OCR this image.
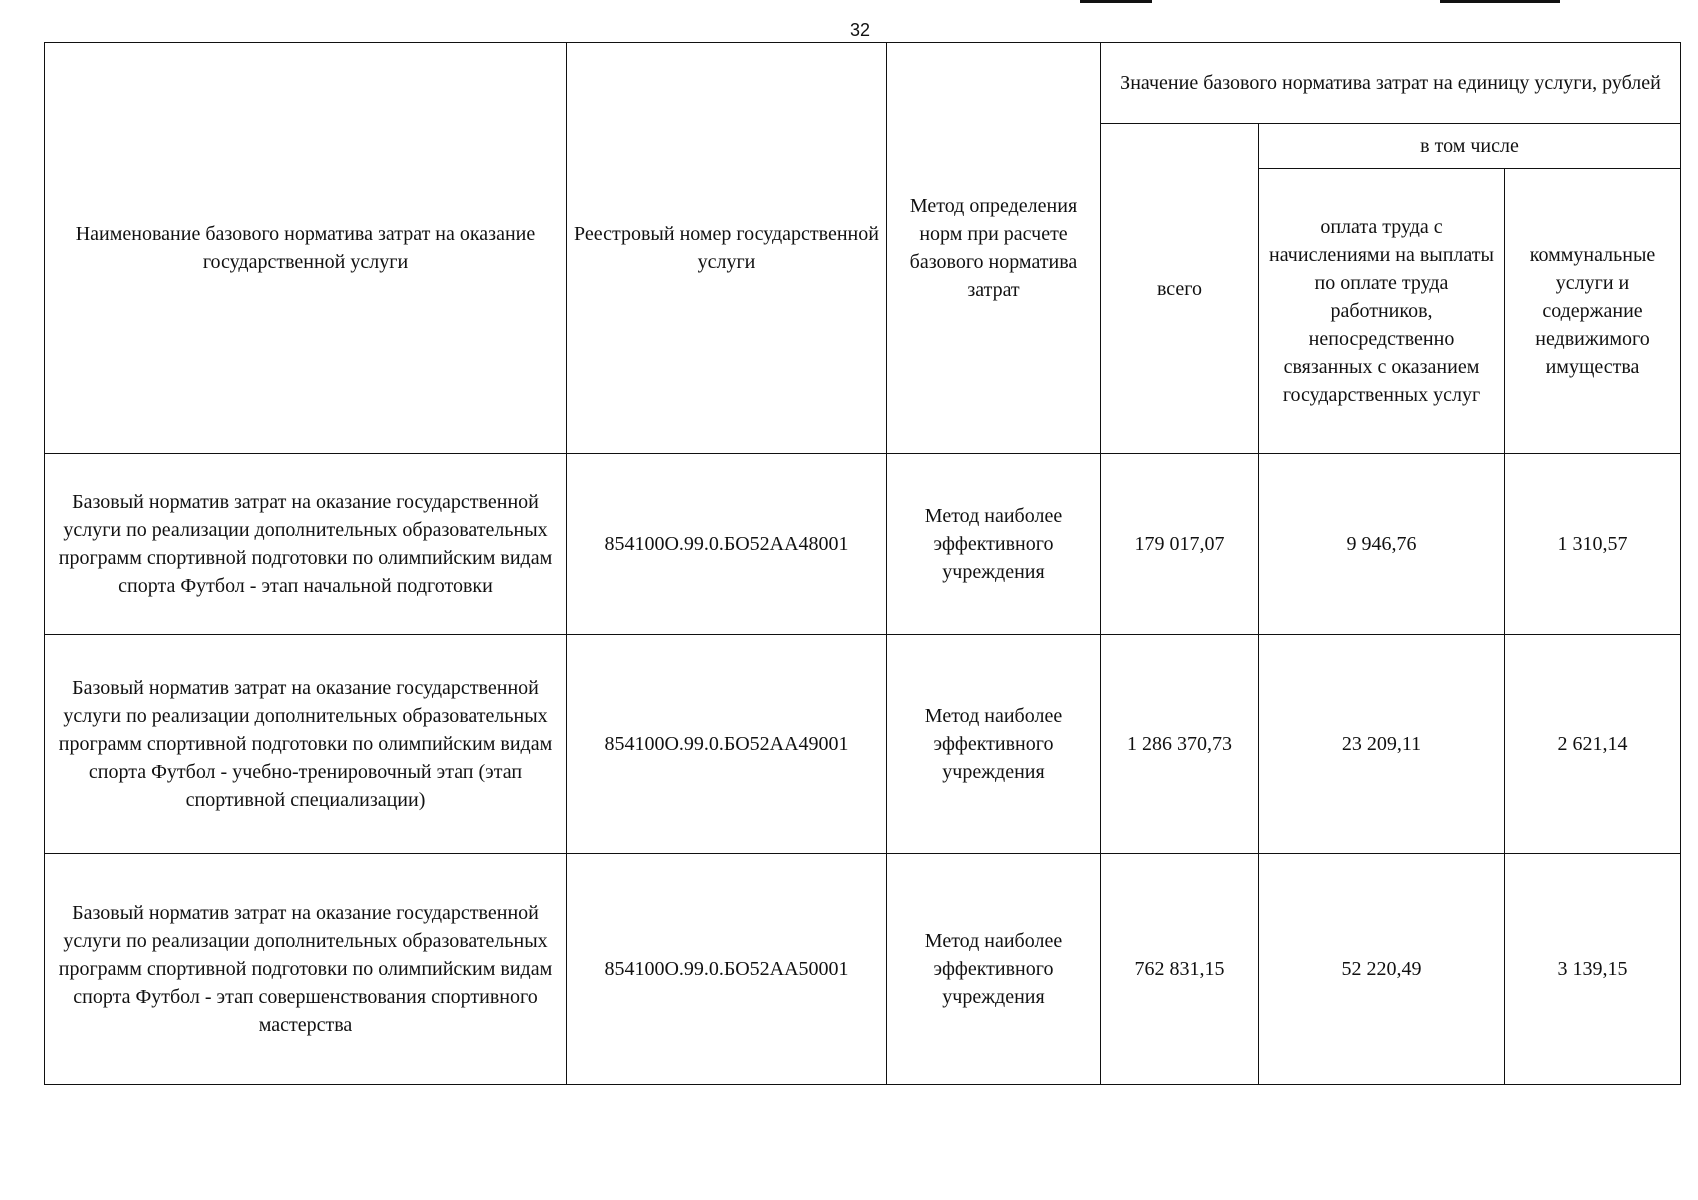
32
Наименование базового норматива затрат на оказание государственной услуги	Реестровый номер государственной услуги	Метод определения норм при расчете базового норматива затрат	Значение базового норматива затрат на единицу услуги, рублей		
			всего	в том числе	
				оплата труда с начислениями на выплаты по оплате труда работников, непосредственно связанных с оказанием государственных услуг	коммунальные услуги и содержание недвижимого имущества
Базовый норматив затрат на оказание государственной услуги по реализации дополнительных образовательных программ спортивной подготовки по олимпийским видам спорта Футбол - этап начальной подготовки	854100О.99.0.БО52АА48001	Метод наиболее эффективного учреждения	179 017,07	9 946,76	1 310,57
Базовый норматив затрат на оказание государственной услуги по реализации дополнительных образовательных программ спортивной подготовки по олимпийским видам спорта Футбол - учебно-тренировочный этап (этап спортивной специализации)	854100О.99.0.БО52АА49001	Метод наиболее эффективного учреждения	1 286 370,73	23 209,11	2 621,14
Базовый норматив затрат на оказание государственной услуги по реализации дополнительных образовательных программ спортивной подготовки по олимпийским видам спорта Футбол - этап совершенствования спортивного мастерства	854100О.99.0.БО52АА50001	Метод наиболее эффективного учреждения	762 831,15	52 220,49	3 139,15
